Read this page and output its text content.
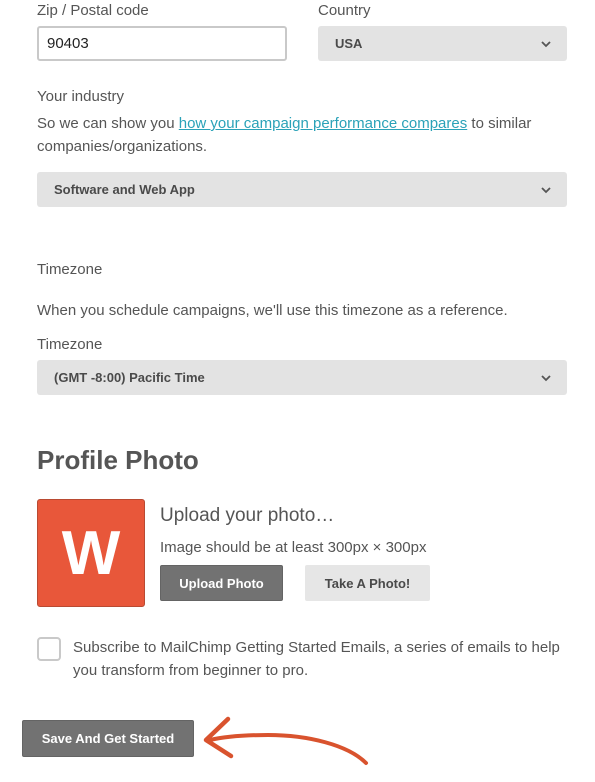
Zip / Postal code
90403
Country
USA
Your industry
So we can show you how your campaign performance compares to similar companies/organizations.
Software and Web App
Timezone
When you schedule campaigns, we'll use this timezone as a reference.
Timezone
(GMT -8:00) Pacific Time
Profile Photo
W
Upload your photo…
Image should be at least 300px × 300px
Upload Photo	Take A Photo!
Subscribe to MailChimp Getting Started Emails, a series of emails to help you transform from beginner to pro.
Save And Get Started
